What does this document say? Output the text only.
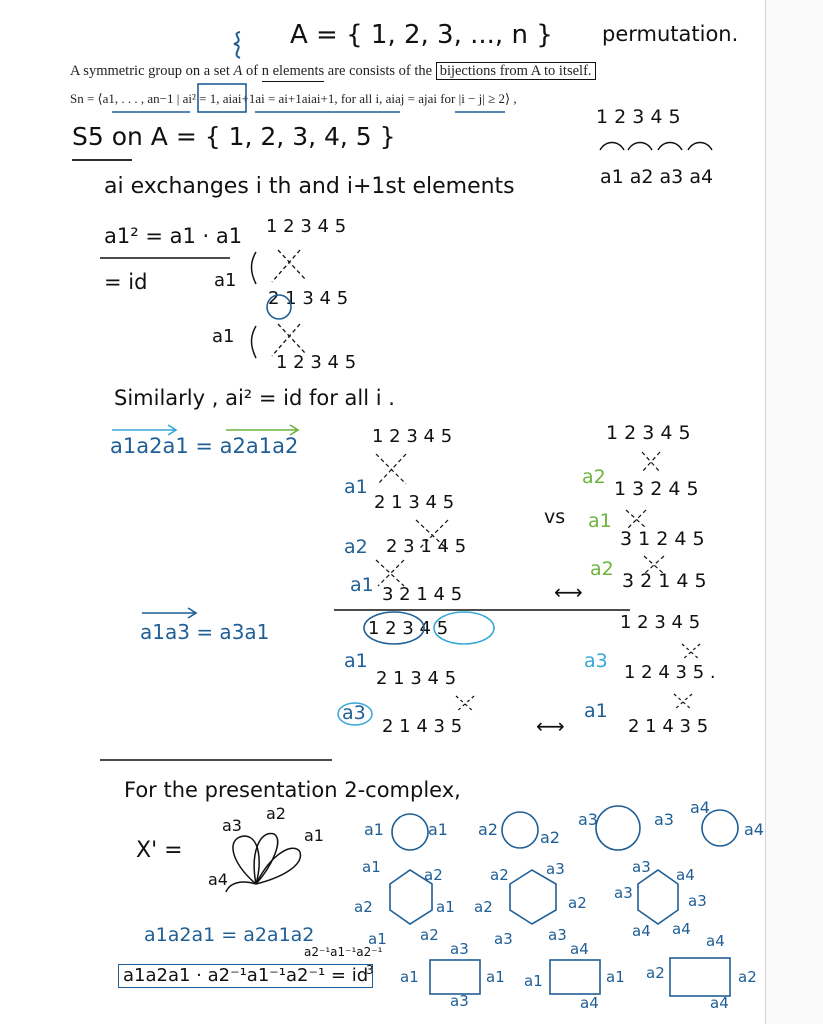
A = { 1, 2, 3, ..., n } permutation.
A symmetric group on a set A of n elements are consists of the bijections from A to itself.
Sn = ⟨a1, . . . , an−1 | ai² = 1, aiai+1ai = ai+1aiai+1, for all i, aiaj = ajai for |i − j| ≥ 2⟩ ,
S5 on A = { 1, 2, 3, 4, 5 }
1 2 3 4 5
a1 a2 a3 a4
ai exchanges i th and i+1st elements
a1² = a1 · a1
= id
1 2 3 4 5
a1
2 1 3 4 5
a1
1 2 3 4 5
Similarly , ai² = id for all i .
a1a2a1 = a2a1a2	1 2 3 4 5
a1
2 1 3 4 5
a2 2 3 1 4 5
a1 3 2 1 4 5
vs
⟷
1 2 3 4 5
a2
1 3 2 4 5
a1
3 1 2 4 5
a2
3 2 1 4 5
1 2 3 4 5
a1a3 = a3a1
a1
2 1 3 4 5
a3
2 1 4 3 5	⟷
1 2 3 4 5
a3
1 2 4 3 5 .
a1
2 1 4 3 5
For the presentation 2-complex,
X' =
a3
a2
a1
a4
a1	a1 a2	a2
a3	a3
a4
a4
a1	a2
a1
a2
a2
a1
a2 a3
a2
a3
a3
a2
a3 a4
a3
a4
a4
a3
a1a2a1 = a2a1a2
a2⁻¹a1⁻¹a2⁻¹
a1a2a1 · a2⁻¹a1⁻¹a2⁻¹ = id
3
a3
a1
a3
a1
a4
a1
a4
a1
a4
a2
a4
a2
